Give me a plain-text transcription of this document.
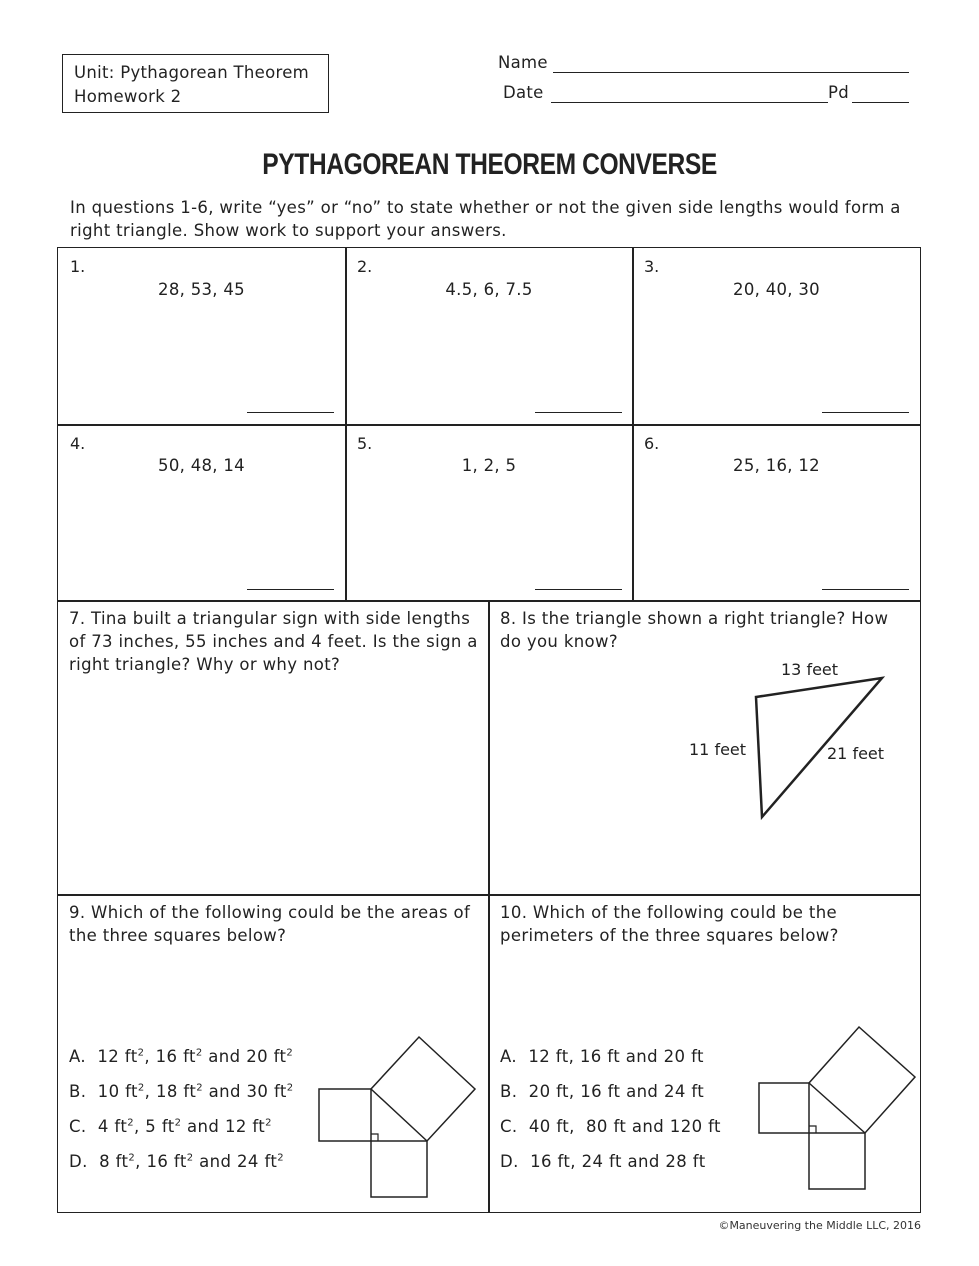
Unit: Pythagorean Theorem
Homework 2
Name
Date	Pd
PYTHAGOREAN THEOREM CONVERSE
In questions 1-6, write “yes” or “no” to state whether or not the given side lengths would form a right triangle. Show work to support your answers.
1.
28, 53, 45
2.
4.5, 6, 7.5
3.
20, 40, 30
4.
50, 48, 14
5.
1, 2, 5
6.
25, 16, 12
7. Tina built a triangular sign with side lengths of 73 inches, 55 inches and 4 feet. Is the sign a right triangle? Why or why not?
8. Is the triangle shown a right triangle? How do you know?
13 feet
11 feet	21 feet
9. Which of the following could be the areas of the three squares below?
A. 12 $ft^2$, 16 $ft^2$ and 20 $ft^2$
B. 10 $ft^2$, 18 $ft^2$ and 30 $ft^2$
C. 4 $ft^2$, 5 $ft^2$ and 12 $ft^2$
D. 8 $ft^2$, 16 $ft^2$ and 24 $ft^2$
10. Which of the following could be the perimeters of the three squares below?
A. 12 ft, 16 ft and 20 ft
B. 20 ft, 16 ft and 24 ft
C. 40 ft,  80 ft and 120 ft
D. 16 ft, 24 ft and 28 ft
©Maneuvering the Middle LLC, 2016
